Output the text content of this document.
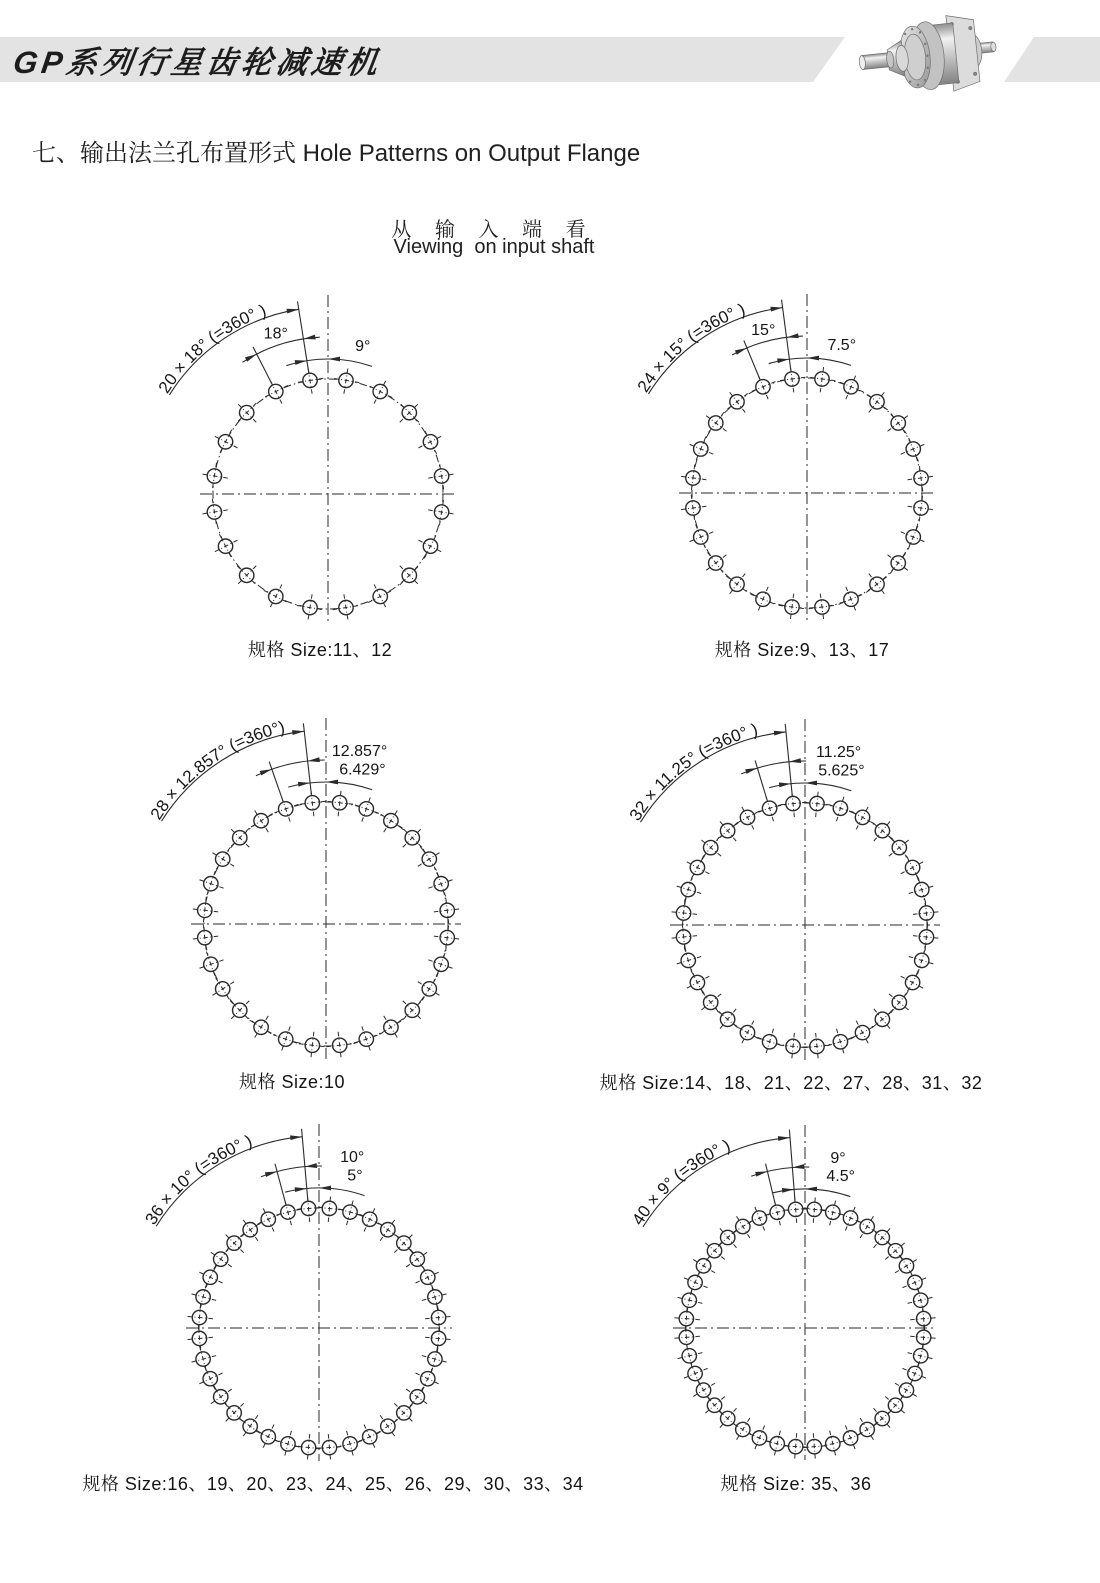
GP系列行星齿轮减速机
七、输出法兰孔布置形式 Hole Patterns on Output Flange
从 输 入 端 看
Viewing  on input shaft
20 × 18° (=360° )
18°
9°
24 × 15° (=360° )
15°
7.5°
28 × 12.857° (=360°)
12.857°
6.429°
32 × 11.25° (=360° )
11.25°
5.625°
36 × 10° (=360° )
10°
5°
40 × 9° (=360° )
9°
4.5°
规格 Size:11、12	规格 Size:9、13、17
规格 Size:10	规格 Size:14、18、21、22、27、28、31、32
规格 Size:16、19、20、23、24、25、26、29、30、33、34	规格 Size: 35、36
